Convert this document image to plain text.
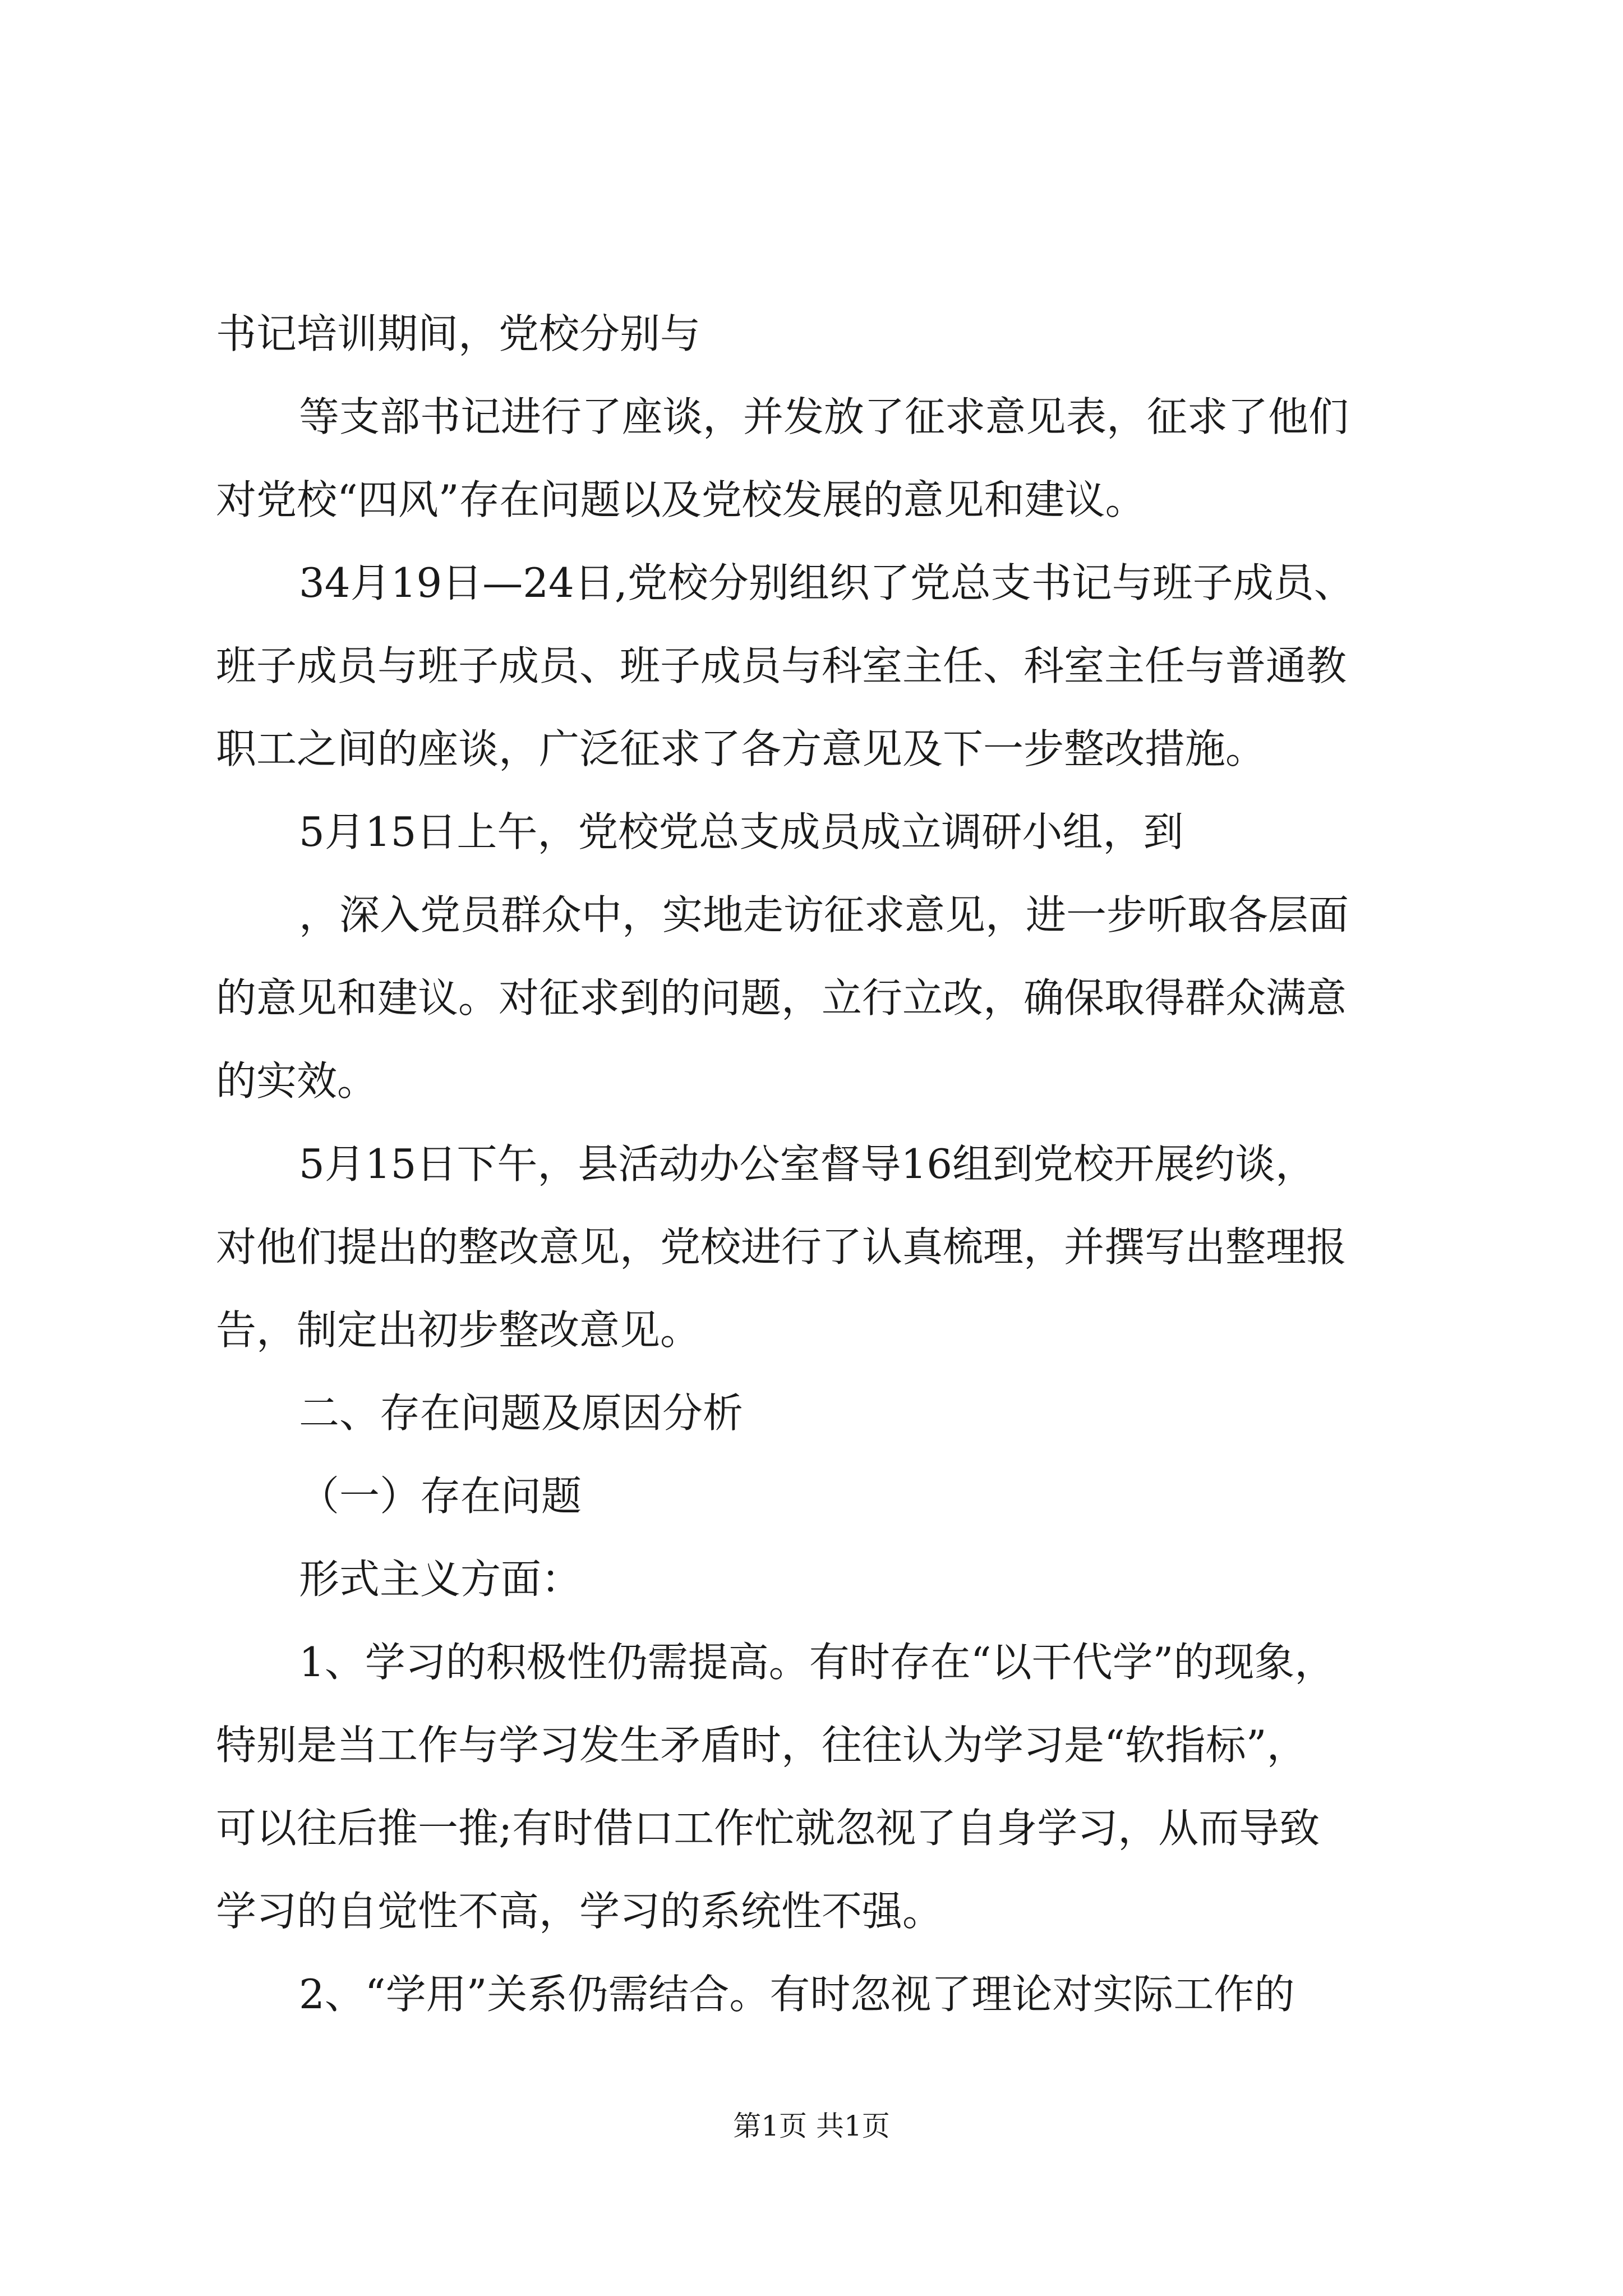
书记培训期间，党校分别与
等支部书记进行了座谈，并发放了征求意见表，征求了他们
对党校“四风”存在问题以及党校发展的意见和建议。
34月19日—24日,党校分别组织了党总支书记与班子成员、
班子成员与班子成员、班子成员与科室主任、科室主任与普通教
职工之间的座谈，广泛征求了各方意见及下一步整改措施。
5月15日上午，党校党总支成员成立调研小组，到
，深入党员群众中，实地走访征求意见，进一步听取各层面
的意见和建议。对征求到的问题，立行立改，确保取得群众满意
的实效。
5月15日下午，县活动办公室督导16组到党校开展约谈，
对他们提出的整改意见，党校进行了认真梳理，并撰写出整理报
告，制定出初步整改意见。
二、存在问题及原因分析
（一）存在问题
形式主义方面：
1、学习的积极性仍需提高。有时存在“以干代学”的现象，
特别是当工作与学习发生矛盾时，往往认为学习是“软指标”，
可以往后推一推;有时借口工作忙就忽视了自身学习，从而导致
学习的自觉性不高，学习的系统性不强。
2、“学用”关系仍需结合。有时忽视了理论对实际工作的
第1页 共1页
